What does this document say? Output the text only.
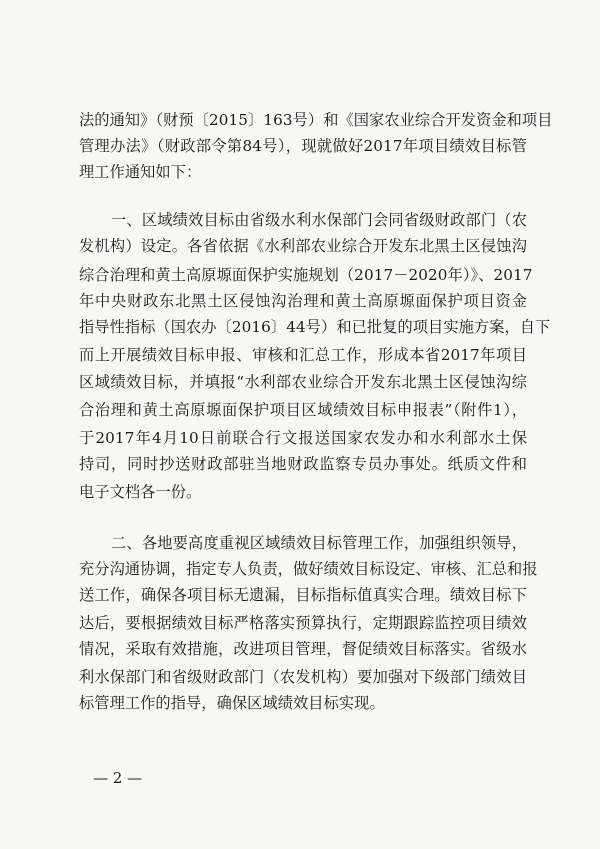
法的通知》（财预〔2015〕163号）和《国家农业综合开发资金和项目
管理办法》（财政部令第84号），现就做好2017年项目绩效目标管
理工作通知如下：
一、区域绩效目标由省级水利水保部门会同省级财政部门（农
发机构）设定。各省依据《水利部农业综合开发东北黑土区侵蚀沟
综合治理和黄土高原塬面保护实施规划（2017－2020年）》、2017
年中央财政东北黑土区侵蚀沟治理和黄土高原塬面保护项目资金
指导性指标（国农办〔2016〕44号）和已批复的项目实施方案，自下
而上开展绩效目标申报、审核和汇总工作，形成本省2017年项目
区域绩效目标，并填报“水利部农业综合开发东北黑土区侵蚀沟综
合治理和黄土高原塬面保护项目区域绩效目标申报表”（附件1），
于2017年4月10日前联合行文报送国家农发办和水利部水土保
持司，同时抄送财政部驻当地财政监察专员办事处。纸质文件和
电子文档各一份。
二、各地要高度重视区域绩效目标管理工作，加强组织领导，
充分沟通协调，指定专人负责，做好绩效目标设定、审核、汇总和报
送工作，确保各项目标无遗漏，目标指标值真实合理。绩效目标下
达后，要根据绩效目标严格落实预算执行，定期跟踪监控项目绩效
情况，采取有效措施，改进项目管理，督促绩效目标落实。省级水
利水保部门和省级财政部门（农发机构）要加强对下级部门绩效目
标管理工作的指导，确保区域绩效目标实现。
— 2 —
